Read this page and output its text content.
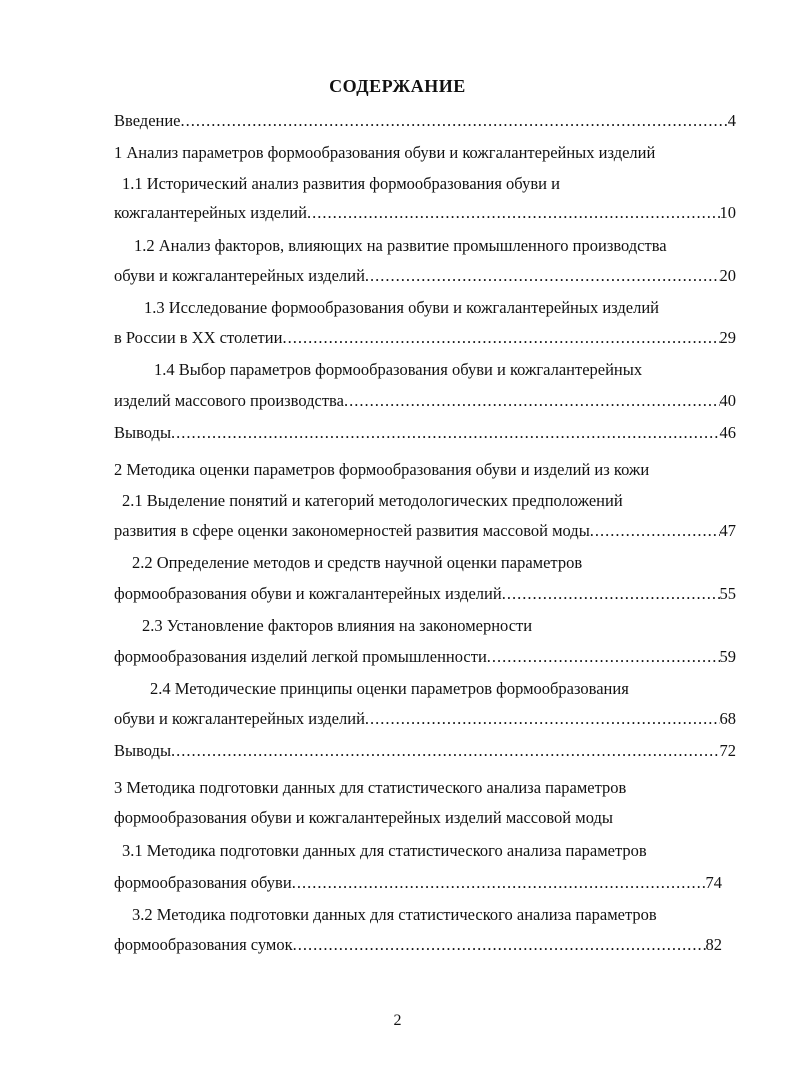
СОДЕРЖАНИЕ
Введение .....	4
1 Анализ параметров формообразования обуви и кожгалантерейных изделий
1.1 Исторический анализ развития формообразования обуви и
кожгалантерейных изделий .....	10
1.2 Анализ факторов, влияющих на развитие промышленного производства
обуви и кожгалантерейных изделий .....	20
1.3 Исследование формообразования обуви и кожгалантерейных изделий
в России в XX столетии .....	29
1.4 Выбор параметров формообразования обуви и кожгалантерейных
изделий массового производства .....	40
Выводы .....	46
2 Методика оценки параметров формообразования обуви и изделий из кожи
2.1 Выделение понятий и категорий методологических предположений
развития в сфере оценки закономерностей развития массовой моды .....	47
2.2 Определение методов и средств научной оценки параметров
формообразования обуви и кожгалантерейных изделий .....	55
2.3 Установление факторов влияния на закономерности
формообразования изделий легкой промышленности .....	59
2.4 Методические принципы оценки параметров формообразования
обуви и кожгалантерейных изделий .....	68
Выводы .....	72
3 Методика подготовки данных для статистического анализа параметров
формообразования обуви и кожгалантерейных изделий массовой моды
3.1 Методика подготовки данных для статистического анализа параметров
формообразования обуви .....	74
3.2 Методика подготовки данных для статистического анализа параметров
формообразования сумок .....	82
2
